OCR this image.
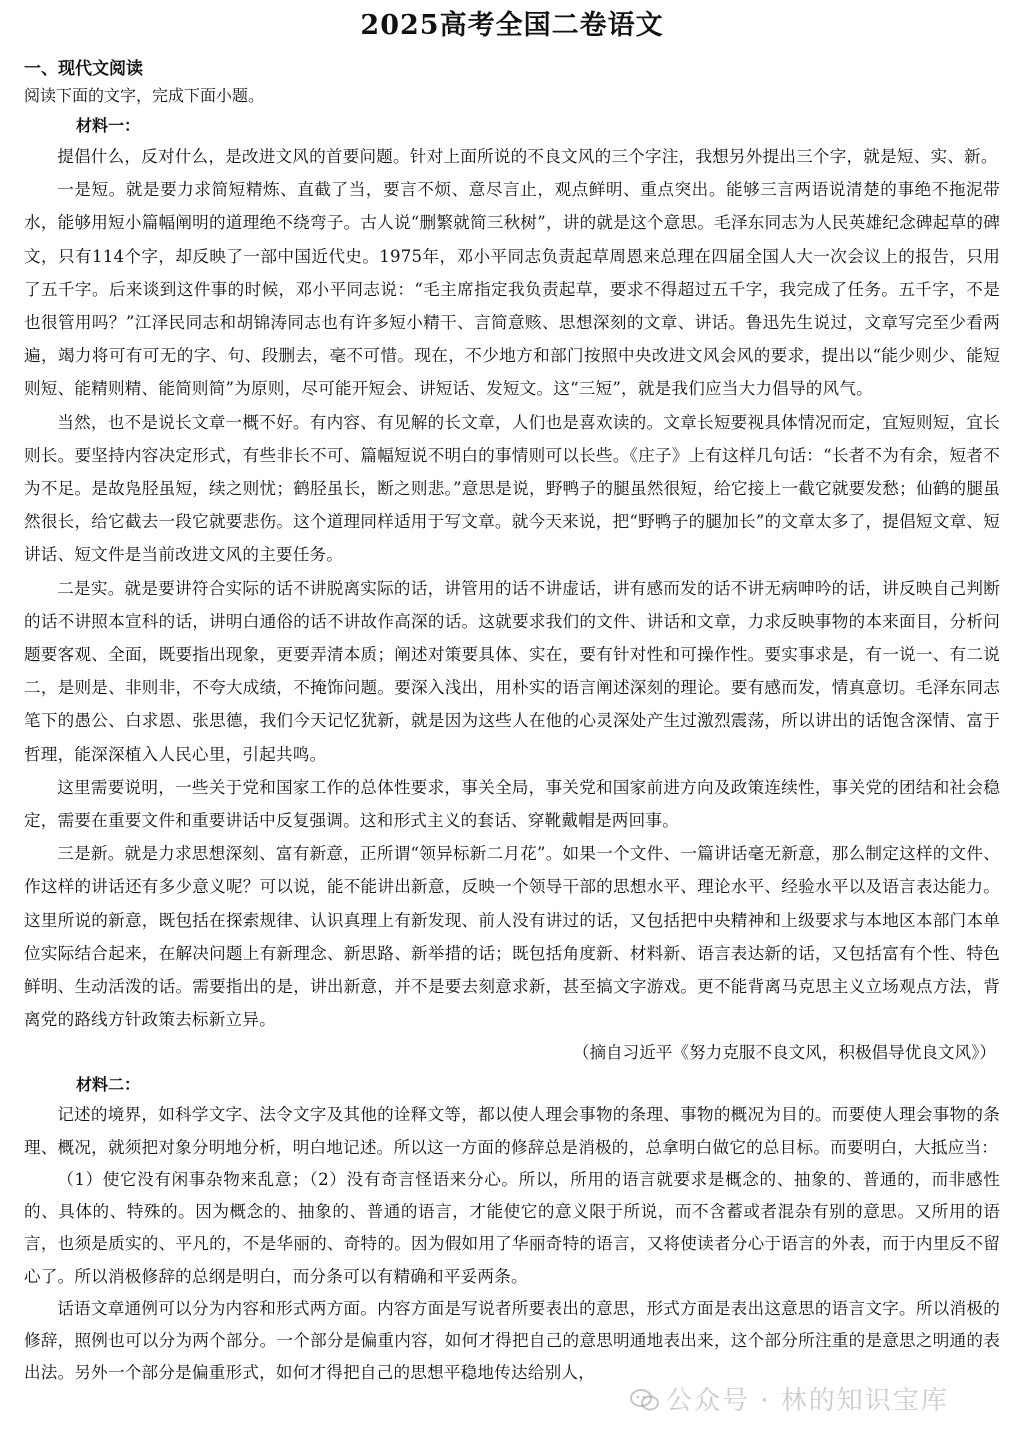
2025高考全国二卷语文

一、现代文阅读

阅读下面的文字，完成下面小题。

材料一：

提倡什么，反对什么，是改进文风的首要问题。针对上面所说的不良文风的三个字注，我想另外提出三个字，就是短、实、新。

一是短。就是要力求简短精炼、直截了当，要言不烦、意尽言止，观点鲜明、重点突出。能够三言两语说清楚的事绝不拖泥带水，能够用短小篇幅阐明的道理绝不绕弯子。古人说“删繁就简三秋树”，讲的就是这个意思。毛泽东同志为人民英雄纪念碑起草的碑文，只有114个字，却反映了一部中国近代史。1975年，邓小平同志负责起草周恩来总理在四届全国人大一次会议上的报告，只用了五千字。后来谈到这件事的时候，邓小平同志说：“毛主席指定我负责起草，要求不得超过五千字，我完成了任务。五千字，不是也很管用吗？”江泽民同志和胡锦涛同志也有许多短小精干、言简意赅、思想深刻的文章、讲话。鲁迅先生说过，文章写完至少看两遍，竭力将可有可无的字、句、段删去，毫不可惜。现在，不少地方和部门按照中央改进文风会风的要求，提出以“能少则少、能短则短、能精则精、能简则简”为原则，尽可能开短会、讲短话、发短文。这“三短”，就是我们应当大力倡导的风气。

当然，也不是说长文章一概不好。有内容、有见解的长文章，人们也是喜欢读的。文章长短要视具体情况而定，宜短则短，宜长则长。要坚持内容决定形式，有些非长不可、篇幅短说不明白的事情则可以长些。《庄子》上有这样几句话：“长者不为有余，短者不为不足。是故凫胫虽短，续之则忧；鹤胫虽长，断之则悲。”意思是说，野鸭子的腿虽然很短，给它接上一截它就要发愁；仙鹤的腿虽然很长，给它截去一段它就要悲伤。这个道理同样适用于写文章。就今天来说，把“野鸭子的腿加长”的文章太多了，提倡短文章、短讲话、短文件是当前改进文风的主要任务。

二是实。就是要讲符合实际的话不讲脱离实际的话，讲管用的话不讲虚话，讲有感而发的话不讲无病呻吟的话，讲反映自己判断的话不讲照本宣科的话，讲明白通俗的话不讲故作高深的话。这就要求我们的文件、讲话和文章，力求反映事物的本来面目，分析问题要客观、全面，既要指出现象，更要弄清本质；阐述对策要具体、实在，要有针对性和可操作性。要实事求是，有一说一、有二说二，是则是、非则非，不夸大成绩，不掩饰问题。要深入浅出，用朴实的语言阐述深刻的理论。要有感而发，情真意切。毛泽东同志笔下的愚公、白求恩、张思德，我们今天记忆犹新，就是因为这些人在他的心灵深处产生过激烈震荡，所以讲出的话饱含深情、富于哲理，能深深植入人民心里，引起共鸣。

这里需要说明，一些关于党和国家工作的总体性要求，事关全局，事关党和国家前进方向及政策连续性，事关党的团结和社会稳定，需要在重要文件和重要讲话中反复强调。这和形式主义的套话、穿靴戴帽是两回事。

三是新。就是力求思想深刻、富有新意，正所谓“领异标新二月花”。如果一个文件、一篇讲话毫无新意，那么制定这样的文件、作这样的讲话还有多少意义呢？可以说，能不能讲出新意，反映一个领导干部的思想水平、理论水平、经验水平以及语言表达能力。这里所说的新意，既包括在探索规律、认识真理上有新发现、前人没有讲过的话，又包括把中央精神和上级要求与本地区本部门本单位实际结合起来，在解决问题上有新理念、新思路、新举措的话；既包括角度新、材料新、语言表达新的话，又包括富有个性、特色鲜明、生动活泼的话。需要指出的是，讲出新意，并不是要去刻意求新，甚至搞文字游戏。更不能背离马克思主义立场观点方法，背离党的路线方针政策去标新立异。

（摘自习近平《努力克服不良文风，积极倡导优良文风》）

材料二：

记述的境界，如科学文字、法令文字及其他的诠释文等，都以使人理会事物的条理、事物的概况为目的。而要使人理会事物的条理、概况，就须把对象分明地分析，明白地记述。所以这一方面的修辞总是消极的，总拿明白做它的总目标。而要明白，大抵应当：

（1）使它没有闲事杂物来乱意；（2）没有奇言怪语来分心。所以，所用的语言就要求是概念的、抽象的、普通的，而非感性的、具体的、特殊的。因为概念的、抽象的、普通的语言，才能使它的意义限于所说，而不含蓄或者混杂有别的意思。又所用的语言，也须是质实的、平凡的，不是华丽的、奇特的。因为假如用了华丽奇特的语言，又将使读者分心于语言的外表，而于内里反不留心了。所以消极修辞的总纲是明白，而分条可以有精确和平妥两条。

话语文章通例可以分为内容和形式两方面。内容方面是写说者所要表出的意思，形式方面是表出这意思的语言文字。所以消极的修辞，照例也可以分为两个部分。一个部分是偏重内容，如何才得把自己的意思明通地表出来，这个部分所注重的是意思之明通的表出法。另外一个部分是偏重形式，如何才得把自己的思想平稳地传达给别人，

公众号 · 林的知识宝库
